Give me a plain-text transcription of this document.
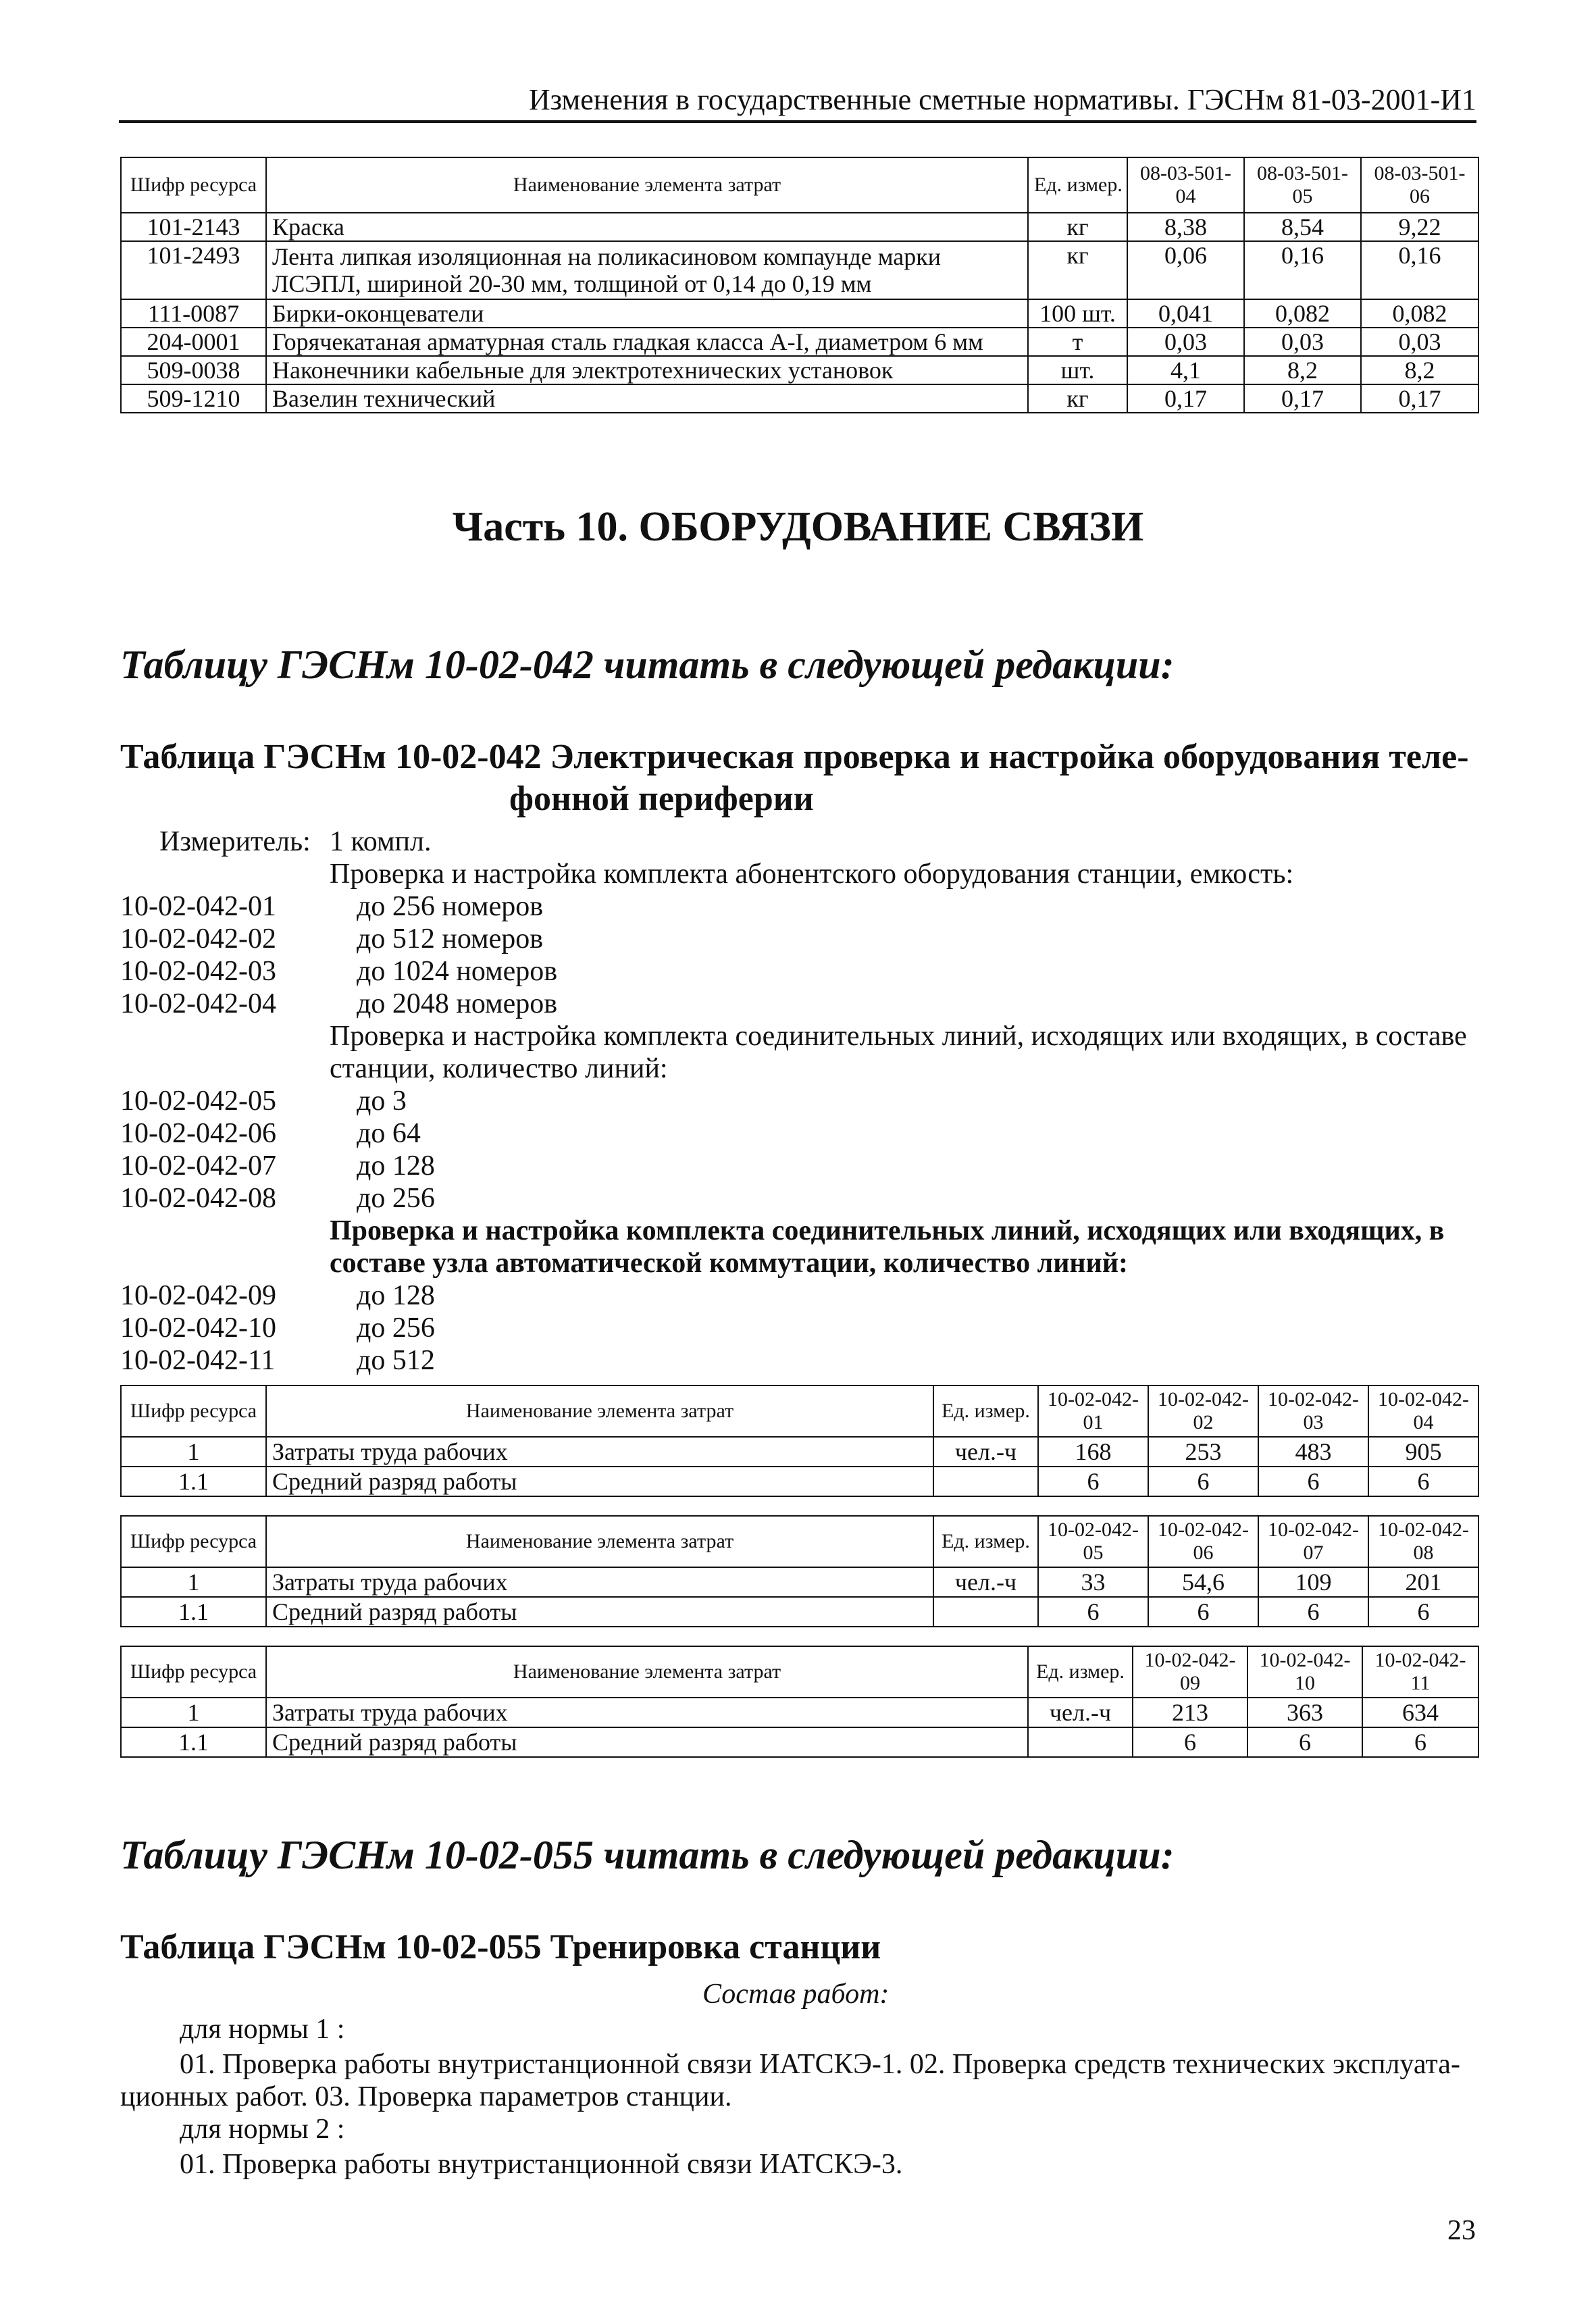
Изменения в государственные сметные нормативы. ГЭСНм 81-03-2001-И1
Шифр ресурса	Наименование элемента затрат	Ед. измер.	08-03-501-04	08-03-501-05	08-03-501-06
101-2143	Краска	кг	8,38	8,54	9,22
101-2493	Лента липкая изоляционная на поликасиновом компаунде марки ЛСЭПЛ, шириной 20-30 мм, толщиной от 0,14 до 0,19 мм	кг	0,06	0,16	0,16
111-0087	Бирки-оконцеватели	100 шт.	0,041	0,082	0,082
204-0001	Горячекатаная арматурная сталь гладкая класса А-I, диаметром 6 мм	т	0,03	0,03	0,03
509-0038	Наконечники кабельные для электротехнических установок	шт.	4,1	8,2	8,2
509-1210	Вазелин технический	кг	0,17	0,17	0,17
Часть 10. ОБОРУДОВАНИЕ СВЯЗИ
Таблицу ГЭСНм 10-02-042 читать в следующей редакции:
Таблица ГЭСНм 10-02-042 Электрическая проверка и настройка оборудования теле-
фонной периферии
Измеритель: 1 компл.
Проверка и настройка комплекта абонентского оборудования станции, емкость:
10-02-042-01	до 256 номеров
10-02-042-02	до 512 номеров
10-02-042-03	до 1024 номеров
10-02-042-04	до 2048 номеров
Проверка и настройка комплекта соединительных линий, исходящих или входящих, в составе
станции, количество линий:
10-02-042-05	до 3
10-02-042-06	до 64
10-02-042-07	до 128
10-02-042-08	до 256
Проверка и настройка комплекта соединительных линий, исходящих или входящих, в
составе узла автоматической коммутации, количество линий:
10-02-042-09	до 128
10-02-042-10	до 256
10-02-042-11	до 512
Шифр ресурса	Наименование элемента затрат	Ед. измер.	10-02-042-01	10-02-042-02	10-02-042-03	10-02-042-04
1	Затраты труда рабочих	чел.-ч	168	253	483	905
1.1	Средний разряд работы		6	6	6	6
Шифр ресурса	Наименование элемента затрат	Ед. измер.	10-02-042-05	10-02-042-06	10-02-042-07	10-02-042-08
1	Затраты труда рабочих	чел.-ч	33	54,6	109	201
1.1	Средний разряд работы		6	6	6	6
Шифр ресурса	Наименование элемента затрат	Ед. измер.	10-02-042-09	10-02-042-10	10-02-042-11
1	Затраты труда рабочих	чел.-ч	213	363	634
1.1	Средний разряд работы		6	6	6
Таблицу ГЭСНм 10-02-055 читать в следующей редакции:
Таблица ГЭСНм 10-02-055 Тренировка станции
Состав работ:
для нормы 1 :
01. Проверка работы внутристанционной связи ИАТСКЭ-1. 02. Проверка средств технических эксплуата-
ционных работ. 03. Проверка параметров станции.
для нормы 2 :
01. Проверка работы внутристанционной связи ИАТСКЭ-3.
23
